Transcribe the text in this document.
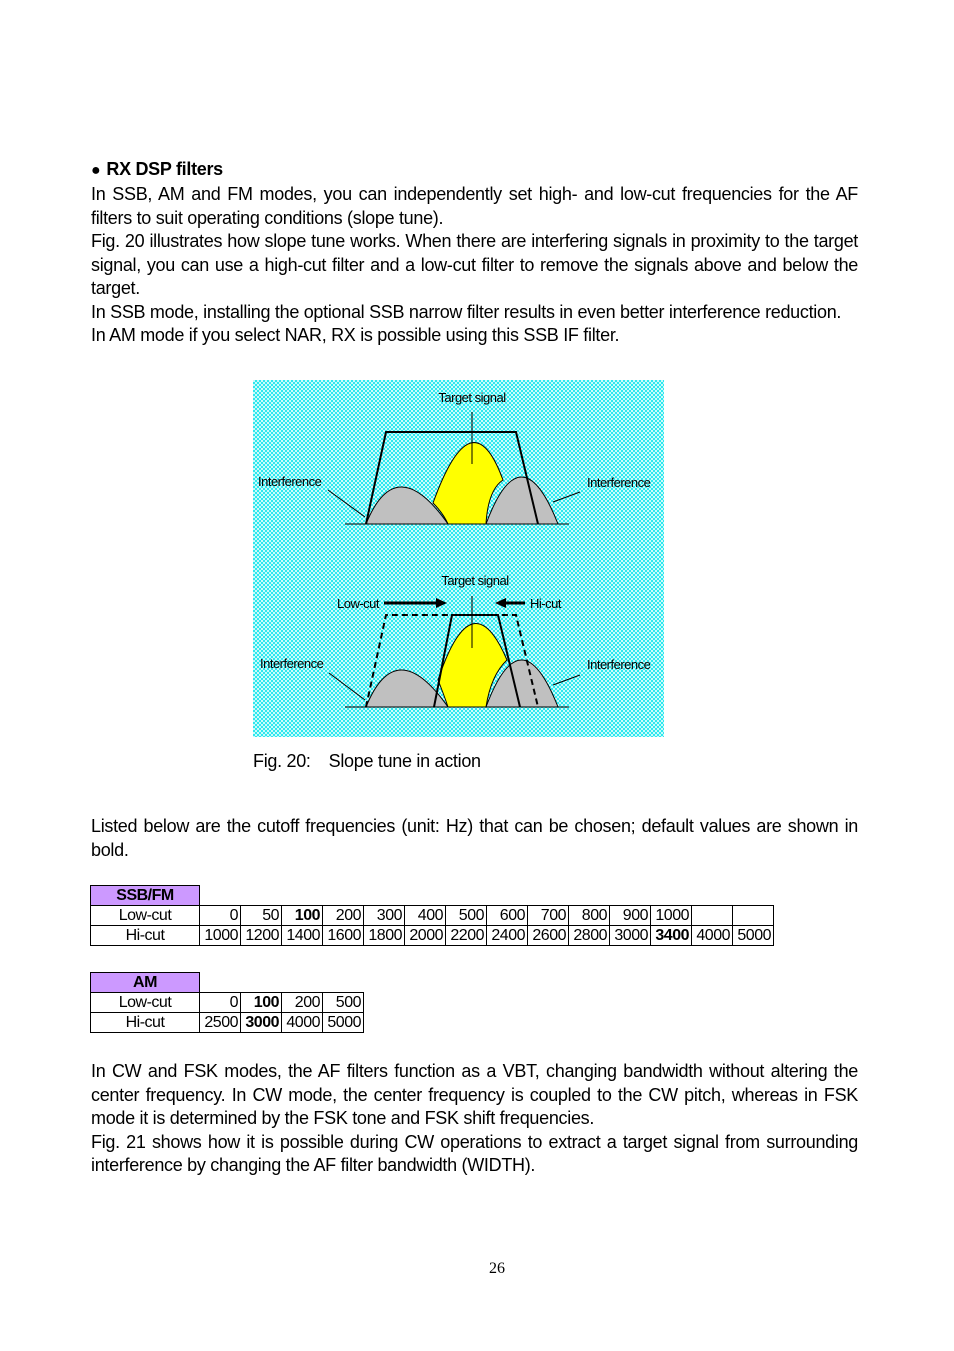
● RX DSP filters

In SSB, AM and FM modes, you can independently set high- and low-cut frequencies for the AF filters to suit operating conditions (slope tune).

Fig. 20 illustrates how slope tune works. When there are interfering signals in proximity to the target signal, you can use a high-cut filter and a low-cut filter to remove the signals above and below the target.

In SSB mode, installing the optional SSB narrow filter results in even better interference reduction.

In AM mode if you select NAR, RX is possible using this SSB IF filter.

Target signal
Interference	Interference
Target signal
Low-cut	Hi-cut
Interference	Interference
Fig. 20: Slope tune in action
Listed below are the cutoff frequencies (unit: Hz) that can be chosen; default values are shown in bold.
SSB/FM														
Low-cut	0	50	100	200	300	400	500	600	700	800	900	1000		
Hi-cut	1000	1200	1400	1600	1800	2000	2200	2400	2600	2800	3000	3400	4000	5000
AM				
Low-cut	0	100	200	500
Hi-cut	2500	3000	4000	5000

In CW and FSK modes, the AF filters function as a VBT, changing bandwidth without altering the center frequency. In CW mode, the center frequency is coupled to the CW pitch, whereas in FSK mode it is determined by the FSK tone and FSK shift frequencies.

Fig. 21 shows how it is possible during CW operations to extract a target signal from surrounding interference by changing the AF filter bandwidth (WIDTH).

26
